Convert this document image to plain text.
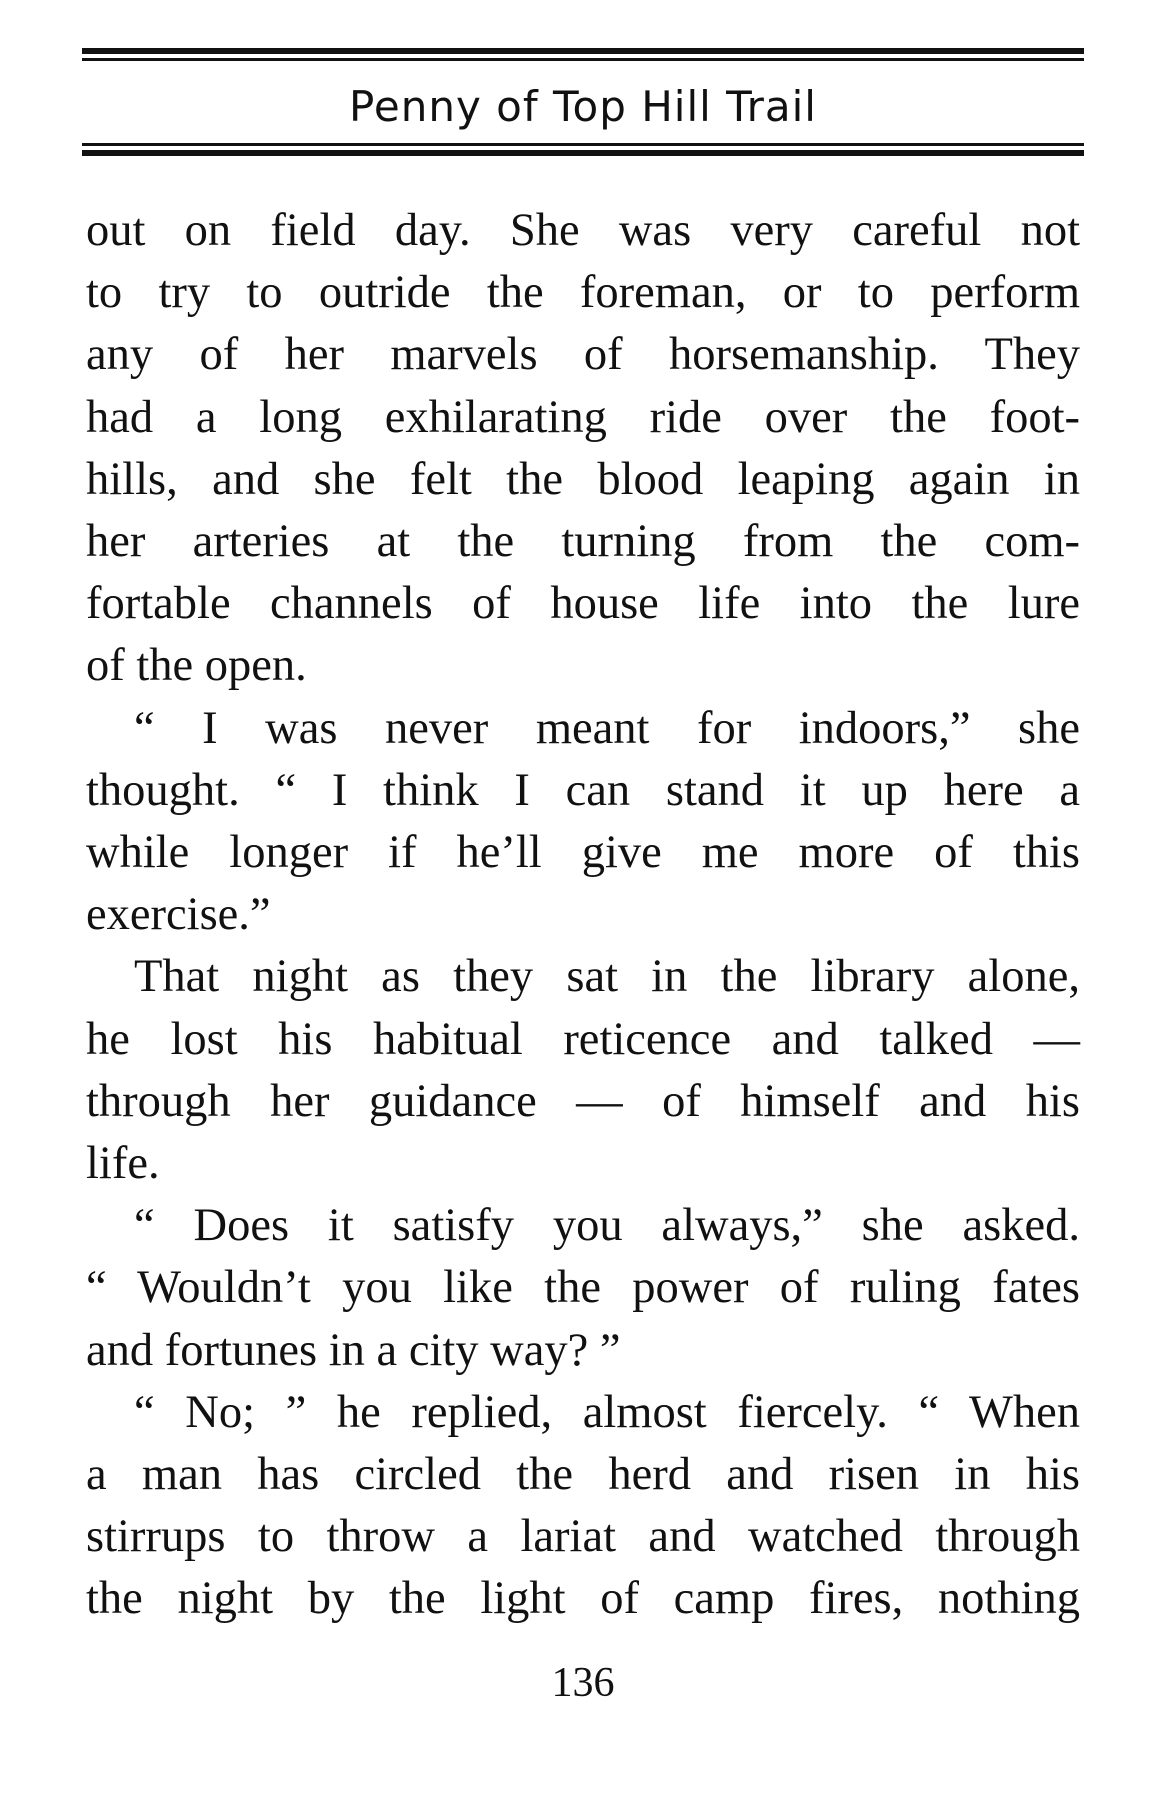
Penny of Top Hill Trail

out on field day. She was very careful not
to try to outride the foreman, or to perform
any of her marvels of horsemanship. They
had a long exhilarating ride over the foot-
hills, and she felt the blood leaping again in
her arteries at the turning from the com-
fortable channels of house life into the lure
of the open.

“ I was never meant for indoors,” she
thought. “ I think I can stand it up here a
while longer if he’ll give me more of this
exercise.”

That night as they sat in the library alone,
he lost his habitual reticence and talked —
through her guidance — of himself and his
life.

“ Does it satisfy you always,” she asked.
“ Wouldn’t you like the power of ruling fates
and fortunes in a city way? ”

“ No; ” he replied, almost fiercely. “ When
a man has circled the herd and risen in his
stirrups to throw a lariat and watched through
the night by the light of camp fires, nothing

136
